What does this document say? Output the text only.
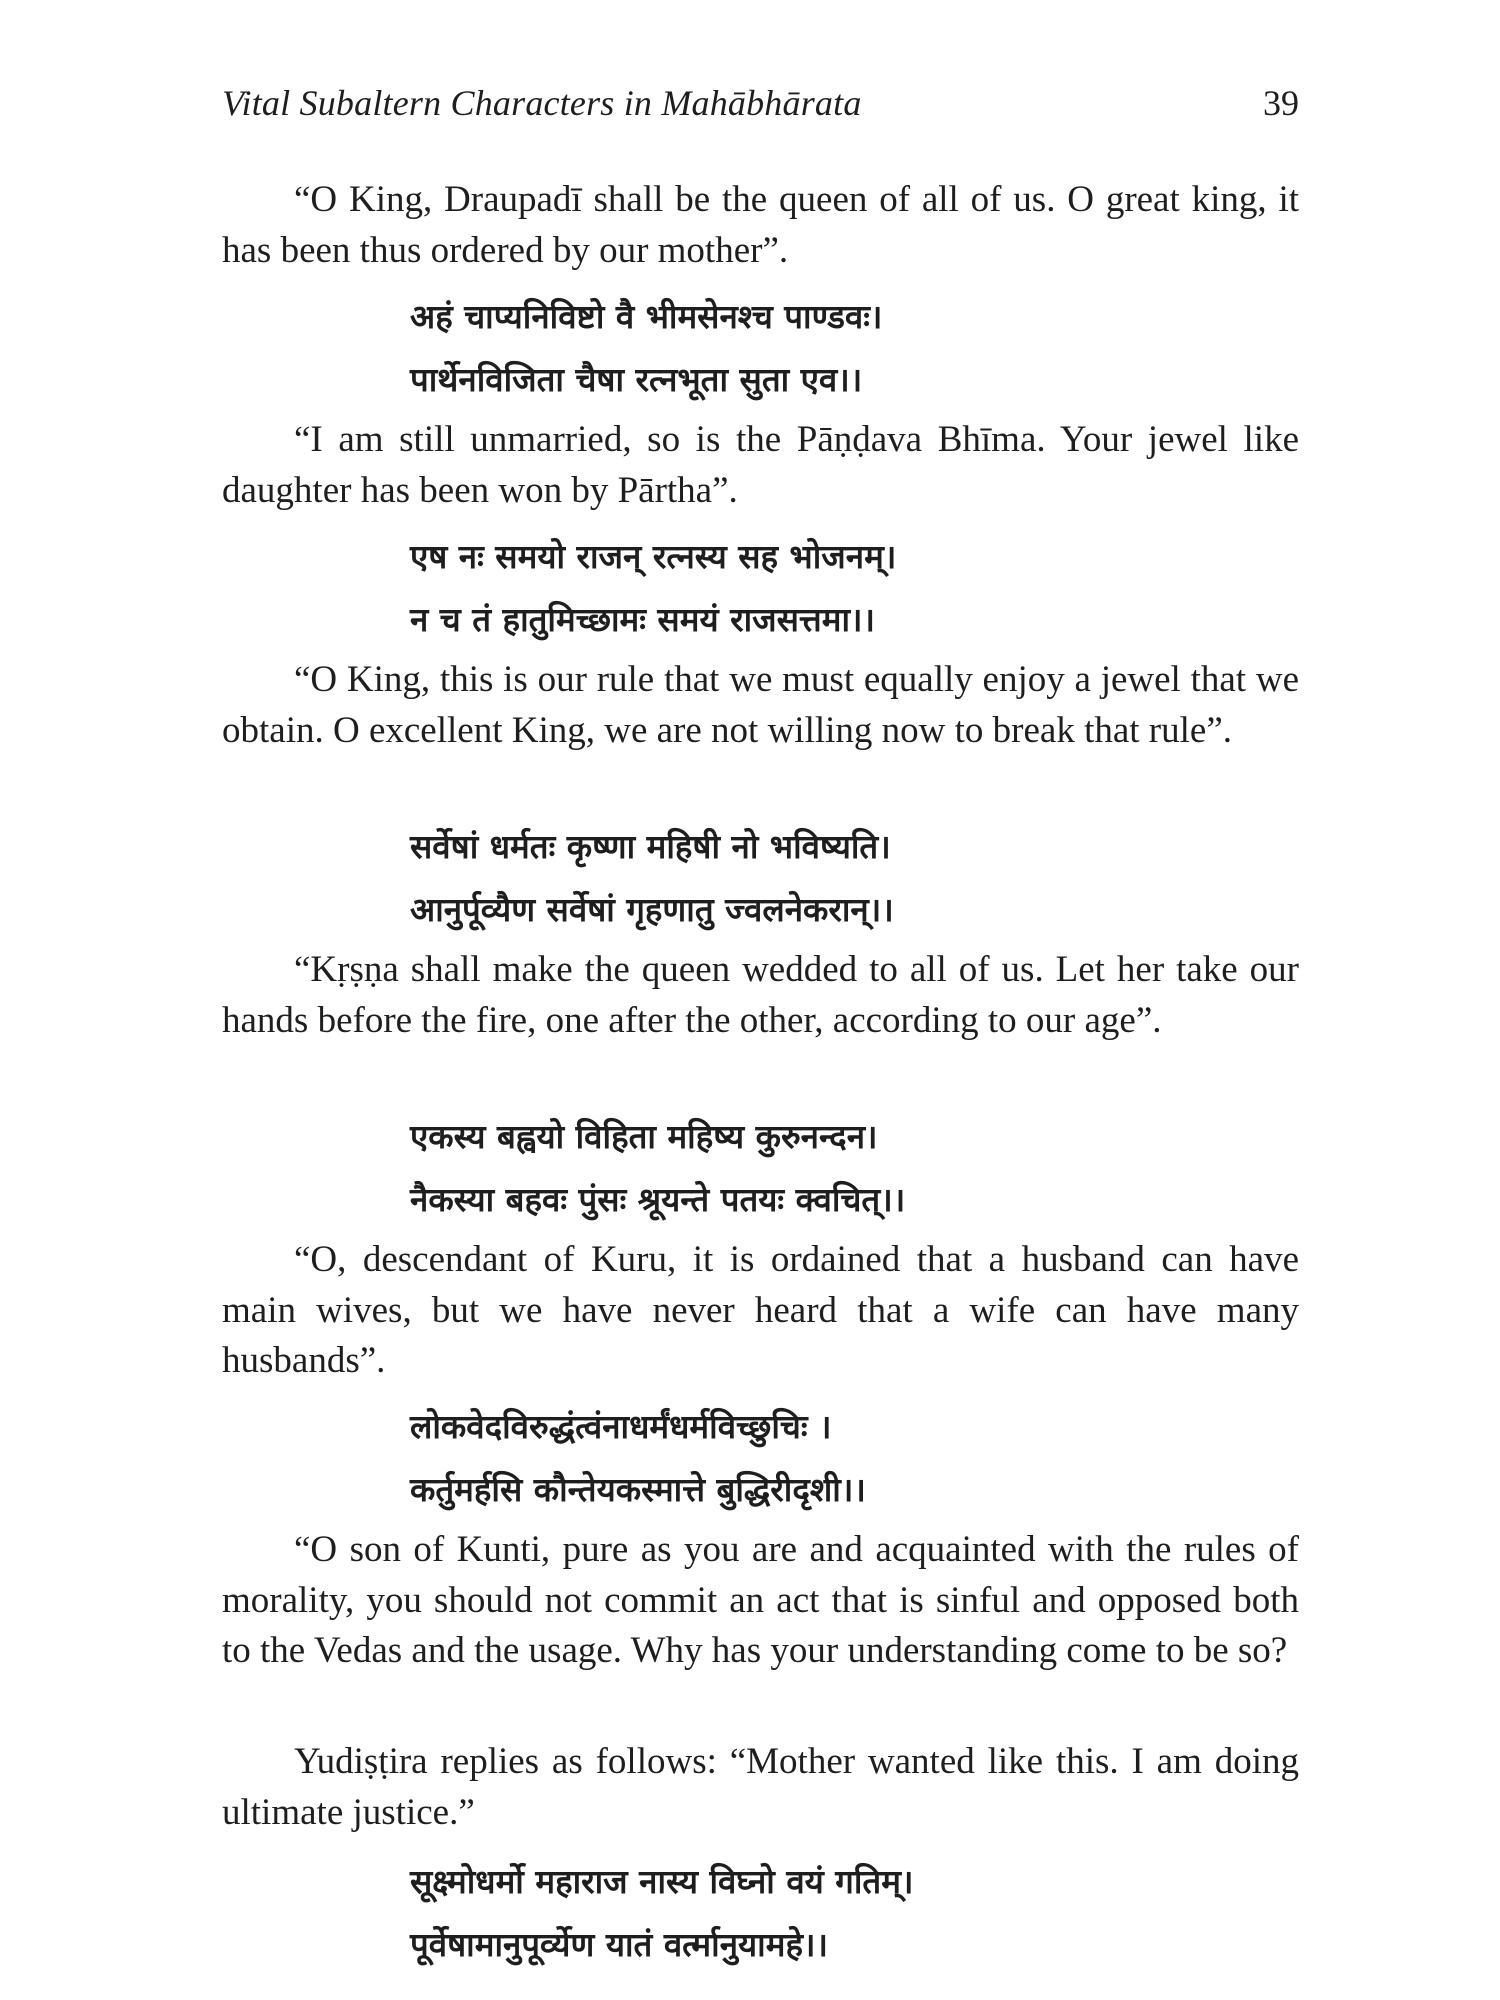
Vital Subaltern Characters in Mahābhārata	39

“O King, Draupadī shall be the queen of all of us. O great king, it has been thus ordered by our mother”.

अहं चाप्यनिविष्टो वै भीमसेनश्च पाण्डवः।
पार्थेनविजिता चैषा रत्नभूता सुता एव।।

“I am still unmarried, so is the Pāṇḍava Bhīma. Your jewel like daughter has been won by Pārtha”.

एष नः समयो राजन् रत्नस्य सह भोजनम्।
न च तं हातुमिच्छामः समयं राजसत्तमा।।

“O King, this is our rule that we must equally enjoy a jewel that we obtain. O excellent King, we are not willing now to break that rule”.

सर्वेषां धर्मतः कृष्णा महिषी नो भविष्यति।
आनुर्पूव्यैण सर्वेषां गृहणातु ज्वलनेकरान्।।

“Kṛṣṇa shall make the queen wedded to all of us. Let her take our hands before the fire, one after the other, according to our age”.

एकस्य बह्वयो विहिता महिष्य कुरुनन्दन।
नैकस्या बहवः पुंसः श्रूयन्ते पतयः क्वचित्।।

“O, descendant of Kuru, it is ordained that a husband can have main wives, but we have never heard that a wife can have many husbands”.

लोकवेदविरुद्धंत्वंनाधर्मंधर्मविच्छुचिः ।
कर्तुमर्हसि कौन्तेयकस्मात्ते बुद्धिरीदृशी।।

“O son of Kunti, pure as you are and acquainted with the rules of morality, you should not commit an act that is sinful and opposed both to the Vedas and the usage. Why has your understanding come to be so?

Yudiṣṭira replies as follows: “Mother wanted like this. I am doing ultimate justice.”

सूक्ष्मोधर्मो महाराज नास्य विघ्नो वयं गतिम्।
पूर्वेषामानुपूर्व्येण यातं वर्त्मानुयामहे।।
